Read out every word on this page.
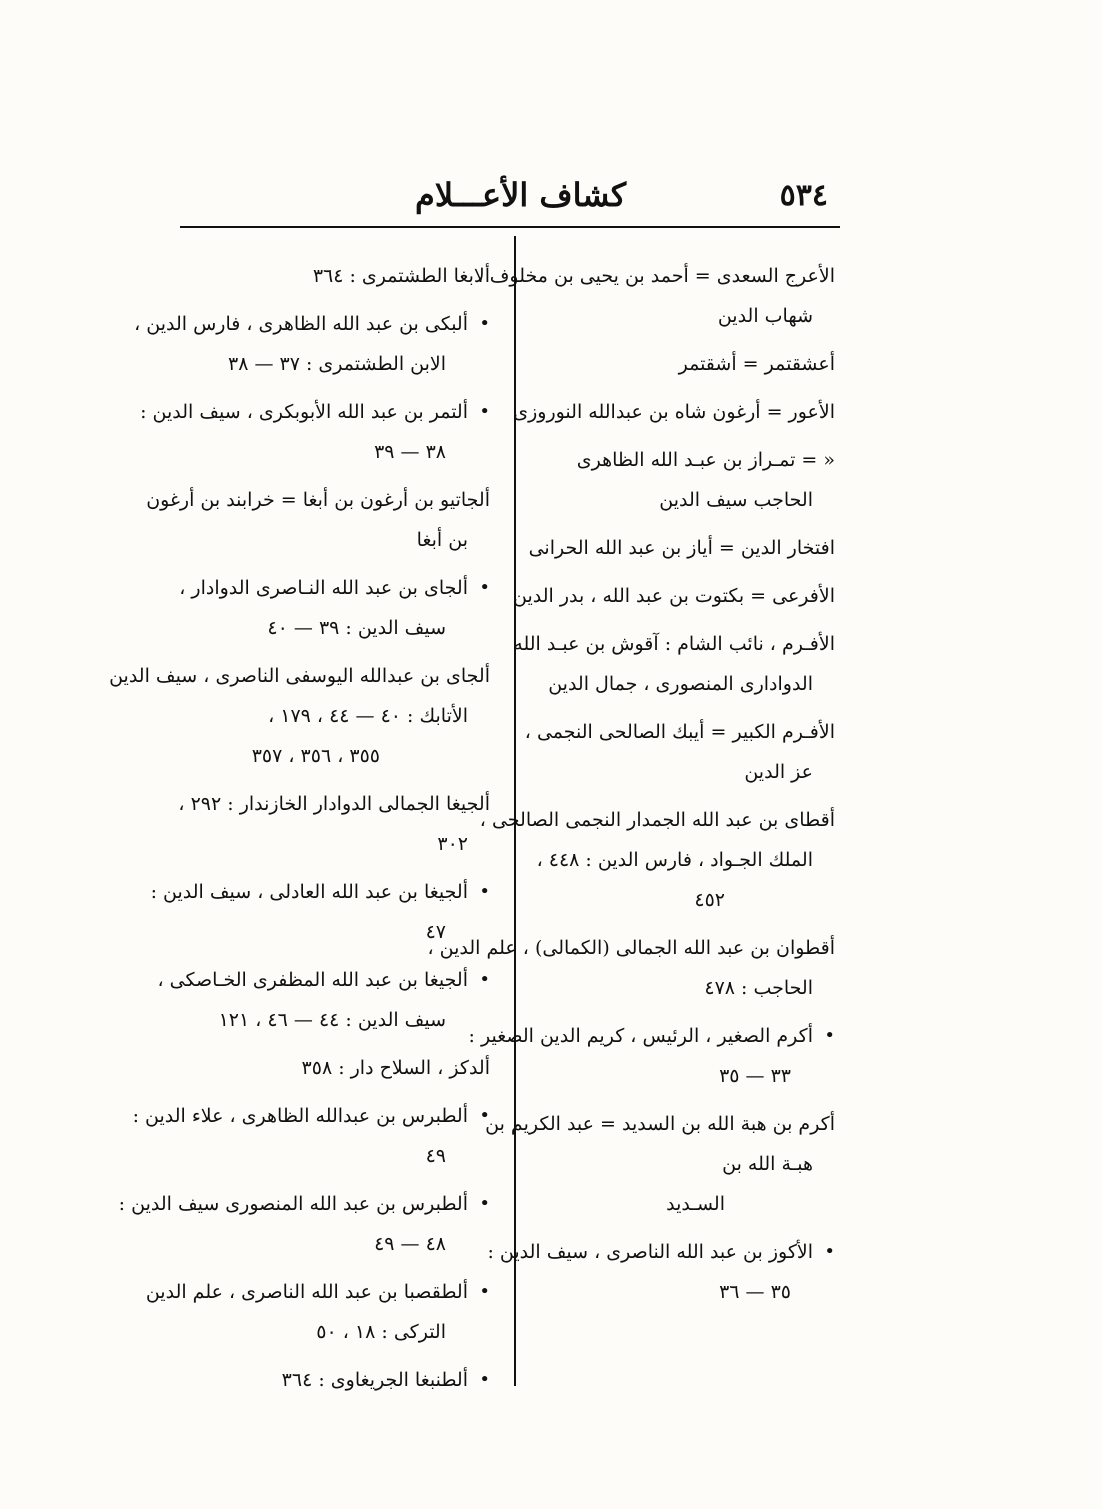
٥٣٤
كشاف الأعـــلام
الأعرج السعدى = أحمد بن يحيى بن مخلوف ،
شهاب الدين
أعشقتمر = أشقتمر
الأعور = أرغون شاه بن عبدالله النوروزى
« = تمـراز بن عبـد الله الظاهرى
الحاجب سيف الدين
افتخار الدين = أياز بن عبد الله الحرانى
الأفرعى = بكتوت بن عبد الله ، بدر الدين
الأفـرم ، نائب الشام : آقوش بن عبـد الله
الدوادارى المنصورى ، جمال الدين
الأفـرم الكبير = أيبك الصالحى النجمى ،
عز الدين
أقطاى بن عبد الله الجمدار النجمى الصالحى ،
الملك الجـواد ، فارس الدين : ٤٤٨ ،
٤٥٢
أقطوان بن عبد الله الجمالى (الكمالى) ، علم الدين ،
الحاجب : ٤٧٨
• أكرم الصغير ، الرئيس ، كريم الدين الصغير :
٣٣ — ٣٥
أكرم بن هبة الله بن السديد = عبد الكريم بن
هبـة الله بن
السـديد
• الأكوز بن عبد الله الناصرى ، سيف الدين :
٣٥ — ٣٦
ألابغا الطشتمرى : ٣٦٤
• ألبكى بن عبد الله الظاهرى ، فارس الدين ،
الابن الطشتمرى : ٣٧ — ٣٨
• ألتمر بن عبد الله الأبوبكرى ، سيف الدين :
٣٨ — ٣٩
ألجاتيو بن أرغون بن أبغا = خرابند بن أرغون
بن أبغا
• ألجاى بن عبد الله النـاصرى الدوادار ،
سيف الدين : ٣٩ — ٤٠
ألجاى بن عبدالله اليوسفى الناصرى ، سيف الدين
الأتابك : ٤٠ — ٤٤ ، ١٧٩ ،
٣٥٥ ، ٣٥٦ ، ٣٥٧
ألجيغا الجمالى الدوادار الخازندار : ٢٩٢ ،
٣٠٢
• ألجيغا بن عبد الله العادلى ، سيف الدين :
٤٧
• ألجيغا بن عبد الله المظفرى الخـاصكى ،
سيف الدين : ٤٤ — ٤٦ ، ١٢١
ألدكز ، السلاح دار : ٣٥٨
• ألطبرس بن عبدالله الظاهرى ، علاء الدين :
٤٩
• ألطبرس بن عبد الله المنصورى سيف الدين :
٤٨ — ٤٩
• ألطقصبا بن عبد الله الناصرى ، علم الدين
التركى : ١٨ ، ٥٠
• ألطنبغا الجريغاوى : ٣٦٤
